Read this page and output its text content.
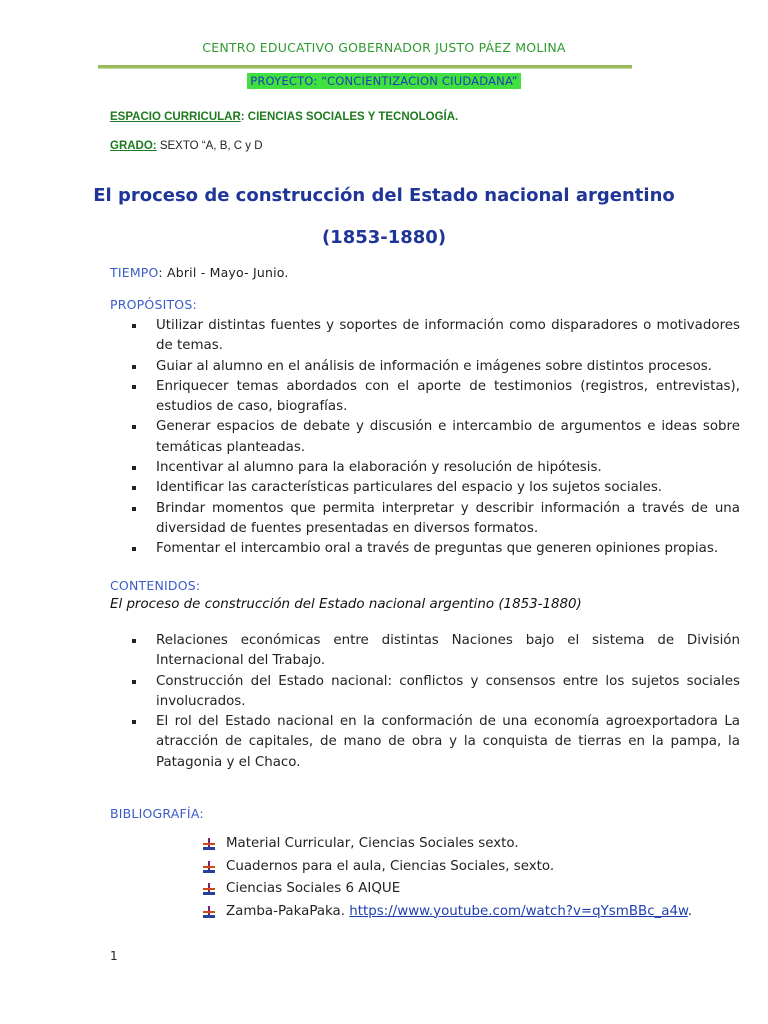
CENTRO EDUCATIVO GOBERNADOR JUSTO PÁEZ MOLINA
PROYECTO: “CONCIENTIZACION CIUDADANA”
ESPACIO CURRICULAR: CIENCIAS SOCIALES Y TECNOLOGÍA.
GRADO: SEXTO “A, B, C y D
El proceso de construcción del Estado nacional argentino
(1853-1880)
TIEMPO: Abril - Mayo- Junio.
PROPÓSITOS:
Utilizar distintas fuentes y soportes de información como disparadores o motivadores de temas.
Guiar al alumno en el análisis de información e imágenes sobre distintos procesos.
Enriquecer temas abordados con el aporte de testimonios (registros, entrevistas), estudios de caso, biografías.
Generar espacios de debate y discusión e intercambio de argumentos e ideas sobre temáticas planteadas.
Incentivar al alumno para la elaboración y resolución de hipótesis.
Identificar las características particulares del espacio y los sujetos sociales.
Brindar momentos que permita interpretar y describir información a través de una diversidad de fuentes presentadas en diversos formatos.
Fomentar el intercambio oral a través de preguntas que generen opiniones propias.
CONTENIDOS:
El proceso de construcción del Estado nacional argentino (1853-1880)
Relaciones económicas entre distintas Naciones bajo el sistema de División Internacional del Trabajo.
Construcción del Estado nacional: conflictos y consensos entre los sujetos sociales involucrados.
El rol del Estado nacional en la conformación de una economía agroexportadora La atracción de capitales, de mano de obra y la conquista de tierras en la pampa, la Patagonia y el Chaco.
BIBLIOGRAFÍA:
Material Curricular, Ciencias Sociales sexto.
Cuadernos para el aula, Ciencias Sociales, sexto.
Ciencias Sociales 6 AIQUE
Zamba-PakaPaka. https://www.youtube.com/watch?v=qYsmBBc_a4w.
1
